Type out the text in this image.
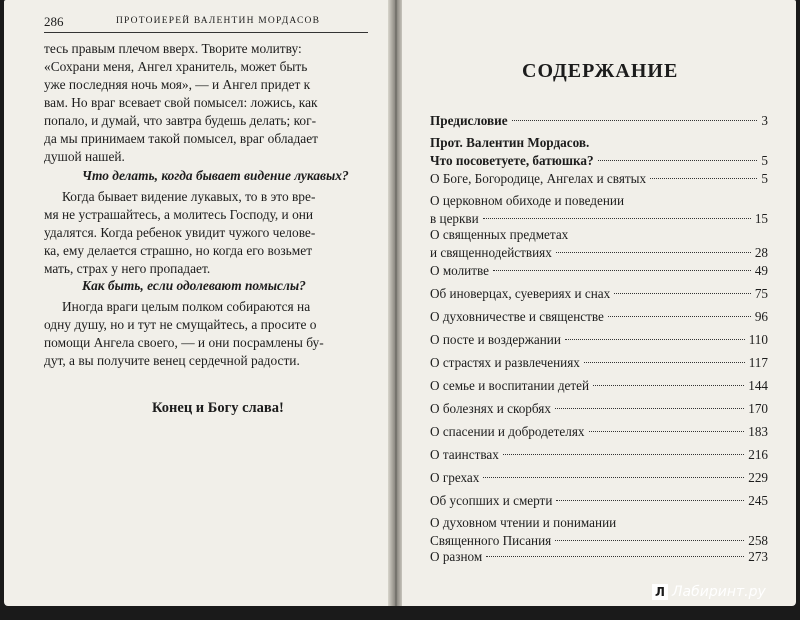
286	ПРОТОИЕРЕЙ ВАЛЕНТИН МОРДАСОВ

тесь правым плечом вверх. Творите молитву:
«Сохрани меня, Ангел хранитель, может быть
уже последняя ночь моя», — и Ангел придет к
вам. Но враг всевает свой помысел: ложись, как
попало, и думай, что завтра будешь делать; ког-
да мы принимаем такой помысел, враг обладает
душой нашей.

Что делать, когда бывает видение лукавых?

Когда бывает видение лукавых, то в это вре-
мя не устрашайтесь, а молитесь Господу, и они
удалятся. Когда ребенок увидит чужого челове-
ка, ему делается страшно, но когда его возьмет
мать, страх у него пропадает.

Как быть, если одолевают помыслы?

Иногда враги целым полком собираются на
одну душу, но и тут не смущайтесь, а просите о
помощи Ангела своего, — и они посрамлены бу-
дут, а вы получите венец сердечной радости.

Конец и Богу слава!

СОДЕРЖАНИЕ
Предисловие	3
Прот. Валентин Мордасов.
Что посоветуете, батюшка?	5
О Боге, Богородице, Ангелах и святых	5
О церковном обиходе и поведении
в церкви	15
О священных предметах
и священнодействиях	28
О молитве	49
Об иноверцах, суевериях и снах	75
О духовничестве и священстве	96
О посте и воздержании	110
О страстях и развлечениях	117
О семье и воспитании детей	144
О болезнях и скорбях	170
О спасении и добродетелях	183
О таинствах	216
О грехах	229
Об усопших и смерти	245
О духовном чтении и понимании
Священного Писания	258
О разном	273
Л Лабиринт.ру
